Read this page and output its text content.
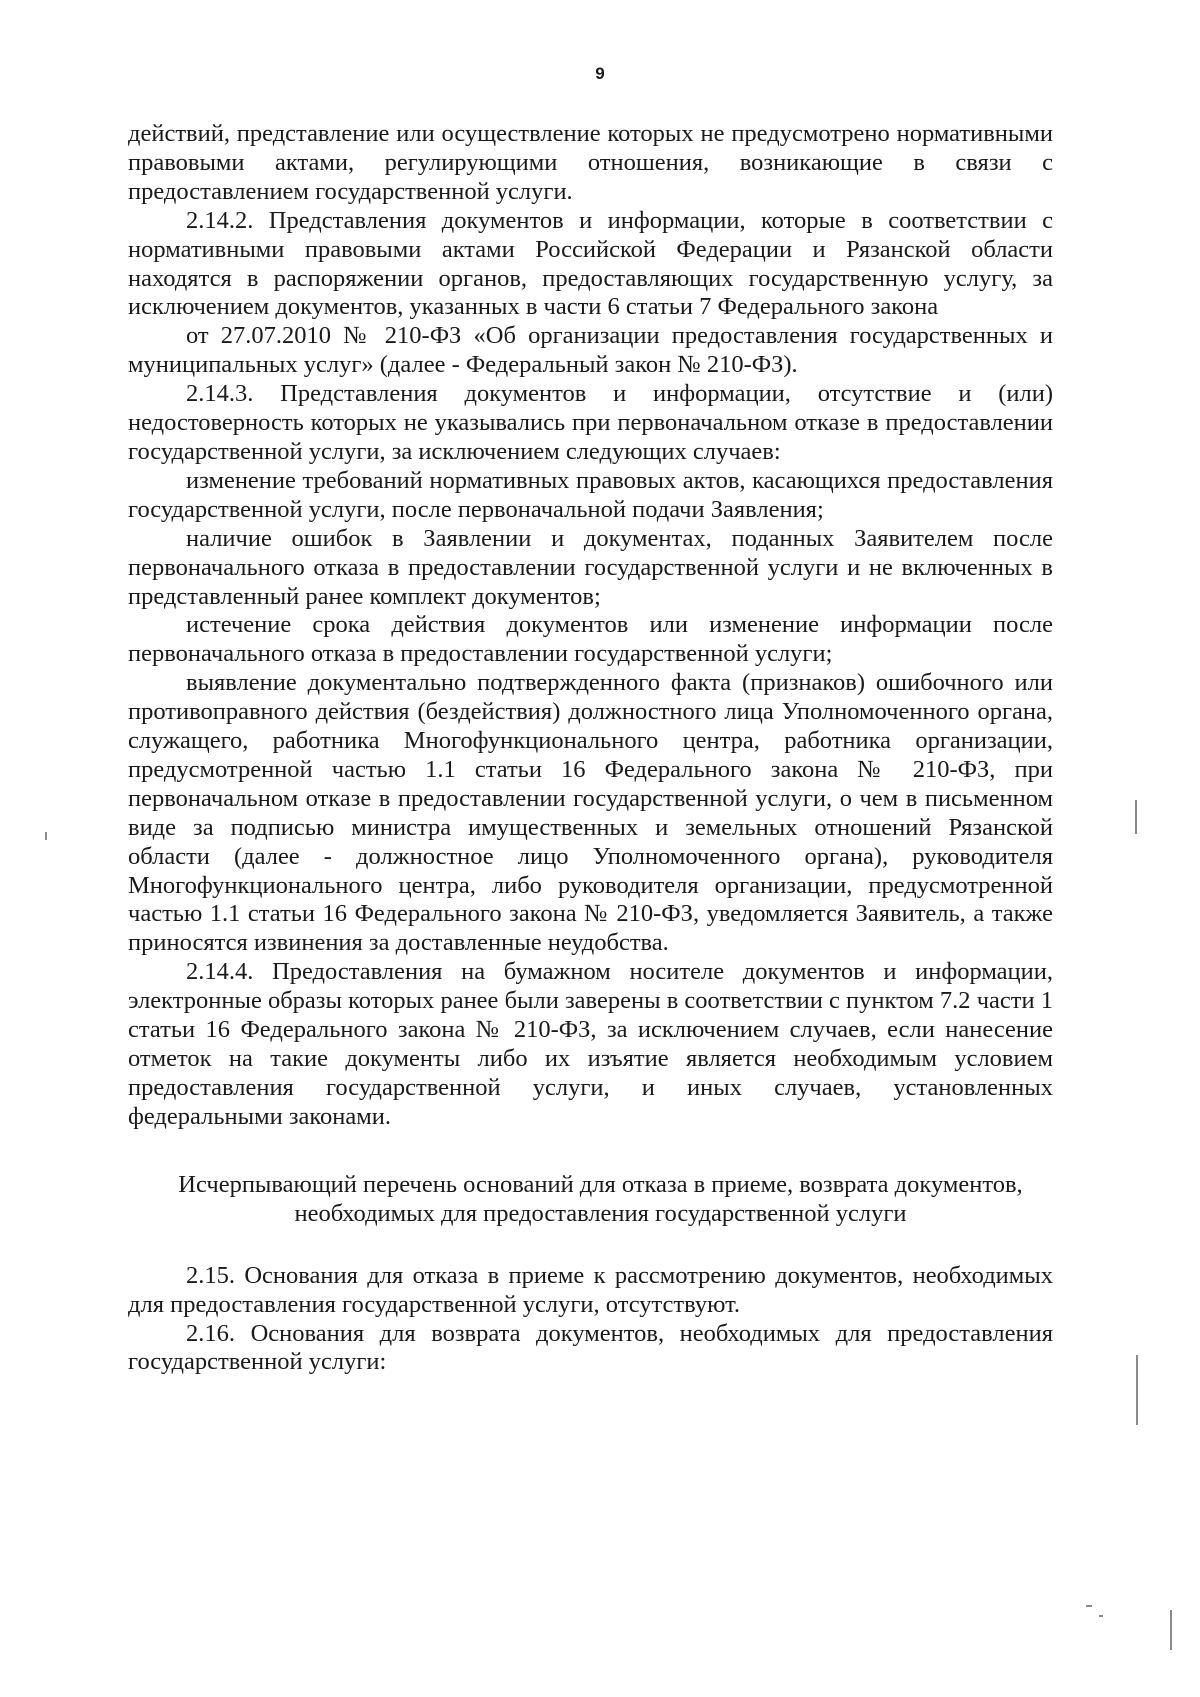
9

действий, представление или осуществление которых не предусмотрено нормативными правовыми актами, регулирующими отношения, возникающие в связи с предоставлением государственной услуги.

2.14.2. Представления документов и информации, которые в соответствии с нормативными правовыми актами Российской Федерации и Рязанской области находятся в распоряжении органов, предоставляющих государственную услугу, за исключением документов, указанных в части 6 статьи 7 Федерального закона

от 27.07.2010 № 210-ФЗ «Об организации предоставления государственных и муниципальных услуг» (далее - Федеральный закон № 210-ФЗ).

2.14.3. Представления документов и информации, отсутствие и (или) недостоверность которых не указывались при первоначальном отказе в предоставлении государственной услуги, за исключением следующих случаев:

изменение требований нормативных правовых актов, касающихся предоставления государственной услуги, после первоначальной подачи Заявления;

наличие ошибок в Заявлении и документах, поданных Заявителем после первоначального отказа в предоставлении государственной услуги и не включенных в представленный ранее комплект документов;

истечение срока действия документов или изменение информации после первоначального отказа в предоставлении государственной услуги;

выявление документально подтвержденного факта (признаков) ошибочного или противоправного действия (бездействия) должностного лица Уполномоченного органа, служащего, работника Многофункционального центра, работника организации, предусмотренной частью 1.1 статьи 16 Федерального закона № 210-ФЗ, при первоначальном отказе в предоставлении государственной услуги, о чем в письменном виде за подписью министра имущественных и земельных отношений Рязанской области (далее - должностное лицо Уполномоченного органа), руководителя Многофункционального центра, либо руководителя организации, предусмотренной частью 1.1 статьи 16 Федерального закона № 210-ФЗ, уведомляется Заявитель, а также приносятся извинения за доставленные неудобства.

2.14.4. Предоставления на бумажном носителе документов и информации, электронные образы которых ранее были заверены в соответствии с пунктом 7.2 части 1 статьи 16 Федерального закона № 210-ФЗ, за исключением случаев, если нанесение отметок на такие документы либо их изъятие является необходимым условием предоставления государственной услуги, и иных случаев, установленных федеральными законами.

Исчерпывающий перечень оснований для отказа в приеме, возврата документов, необходимых для предоставления государственной услуги

2.15. Основания для отказа в приеме к рассмотрению документов, необходимых для предоставления государственной услуги, отсутствуют.

2.16. Основания для возврата документов, необходимых для предоставления государственной услуги:
